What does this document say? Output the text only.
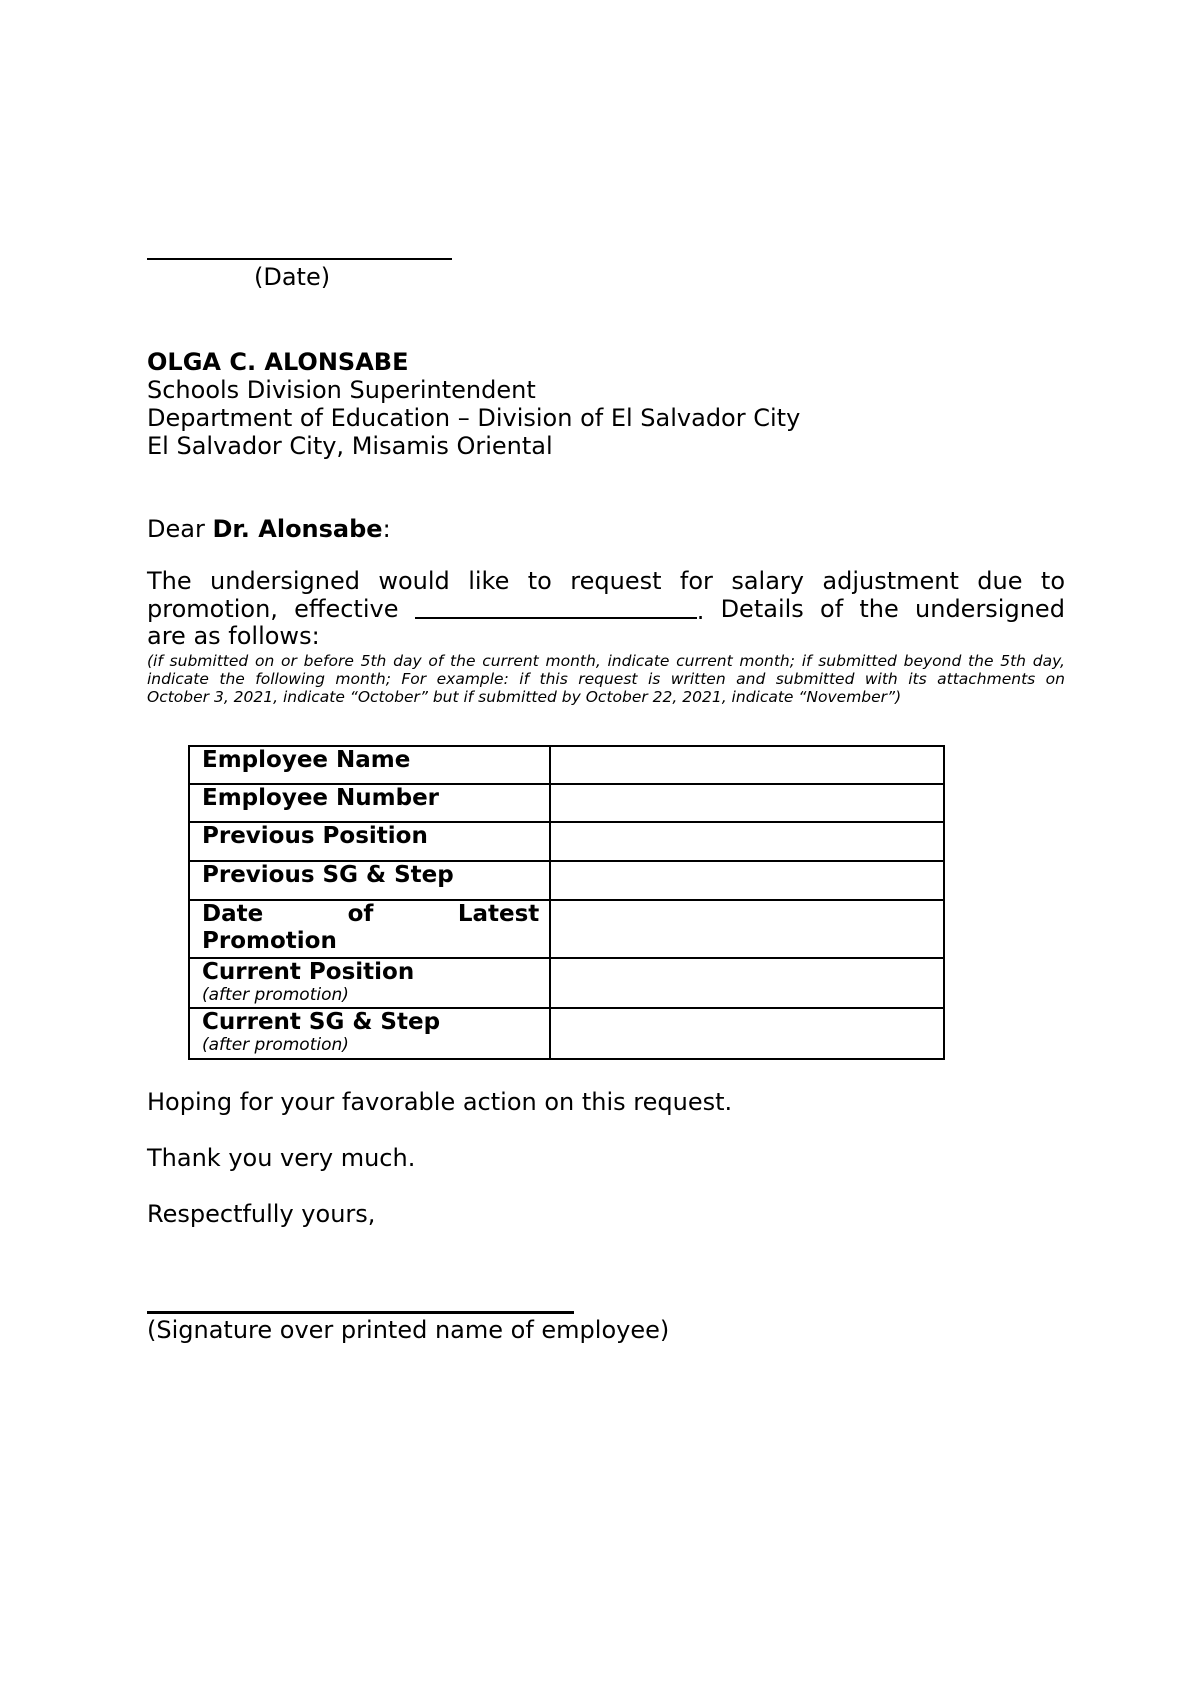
(Date)
OLGA C. ALONSABE
Schools Division Superintendent
Department of Education – Division of El Salvador City
El Salvador City, Misamis Oriental
Dear Dr. Alonsabe:
The undersigned would like to request for salary adjustment due to
promotion, effective	. Details of the undersigned
are as follows:
(if submitted on or before 5th day of the current month, indicate current month; if submitted beyond the 5th day,
indicate the following month; For example: if this request is written and submitted with its attachments on
October 3, 2021, indicate “October” but if submitted by October 22, 2021, indicate “November”)
Employee Name	
Employee Number	
Previous Position	
Previous SG & Step	

Date of Latest
Promotion	

Current Position
(after promotion)	

Current SG & Step
(after promotion)	

Hoping for your favorable action on this request.
Thank you very much.
Respectfully yours,
(Signature over printed name of employee)
